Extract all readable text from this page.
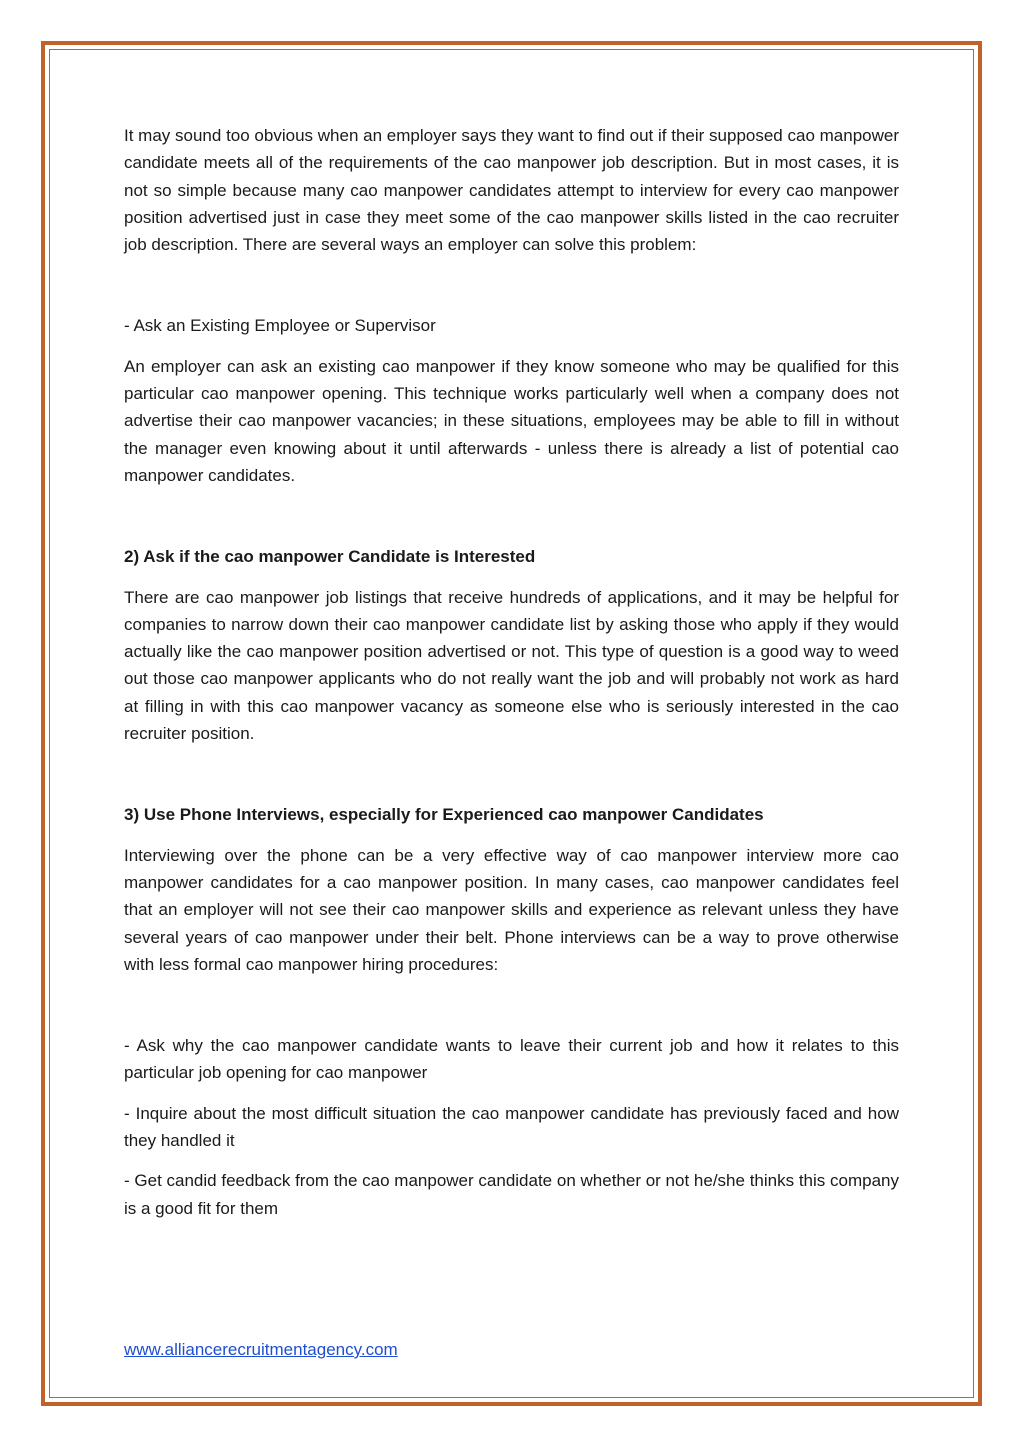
It may sound too obvious when an employer says they want to find out if their supposed cao manpower candidate meets all of the requirements of the cao manpower job description. But in most cases, it is not so simple because many cao manpower candidates attempt to interview for every cao manpower position advertised just in case they meet some of the cao manpower skills listed in the cao recruiter job description. There are several ways an employer can solve this problem:

- Ask an Existing Employee or Supervisor

An employer can ask an existing cao manpower if they know someone who may be qualified for this particular cao manpower opening. This technique works particularly well when a company does not advertise their cao manpower vacancies; in these situations, employees may be able to fill in without the manager even knowing about it until afterwards - unless there is already a list of potential cao manpower candidates.

2) Ask if the cao manpower Candidate is Interested

There are cao manpower job listings that receive hundreds of applications, and it may be helpful for companies to narrow down their cao manpower candidate list by asking those who apply if they would actually like the cao manpower position advertised or not. This type of question is a good way to weed out those cao manpower applicants who do not really want the job and will probably not work as hard at filling in with this cao manpower vacancy as someone else who is seriously interested in the cao recruiter position.

3) Use Phone Interviews, especially for Experienced cao manpower Candidates

Interviewing over the phone can be a very effective way of cao manpower interview more cao manpower candidates for a cao manpower position. In many cases, cao manpower candidates feel that an employer will not see their cao manpower skills and experience as relevant unless they have several years of cao manpower under their belt. Phone interviews can be a way to prove otherwise with less formal cao manpower hiring procedures:

- Ask why the cao manpower candidate wants to leave their current job and how it relates to this particular job opening for cao manpower

- Inquire about the most difficult situation the cao manpower candidate has previously faced and how they handled it

- Get candid feedback from the cao manpower candidate on whether or not he/she thinks this company is a good fit for them

www.alliancerecruitmentagency.com
